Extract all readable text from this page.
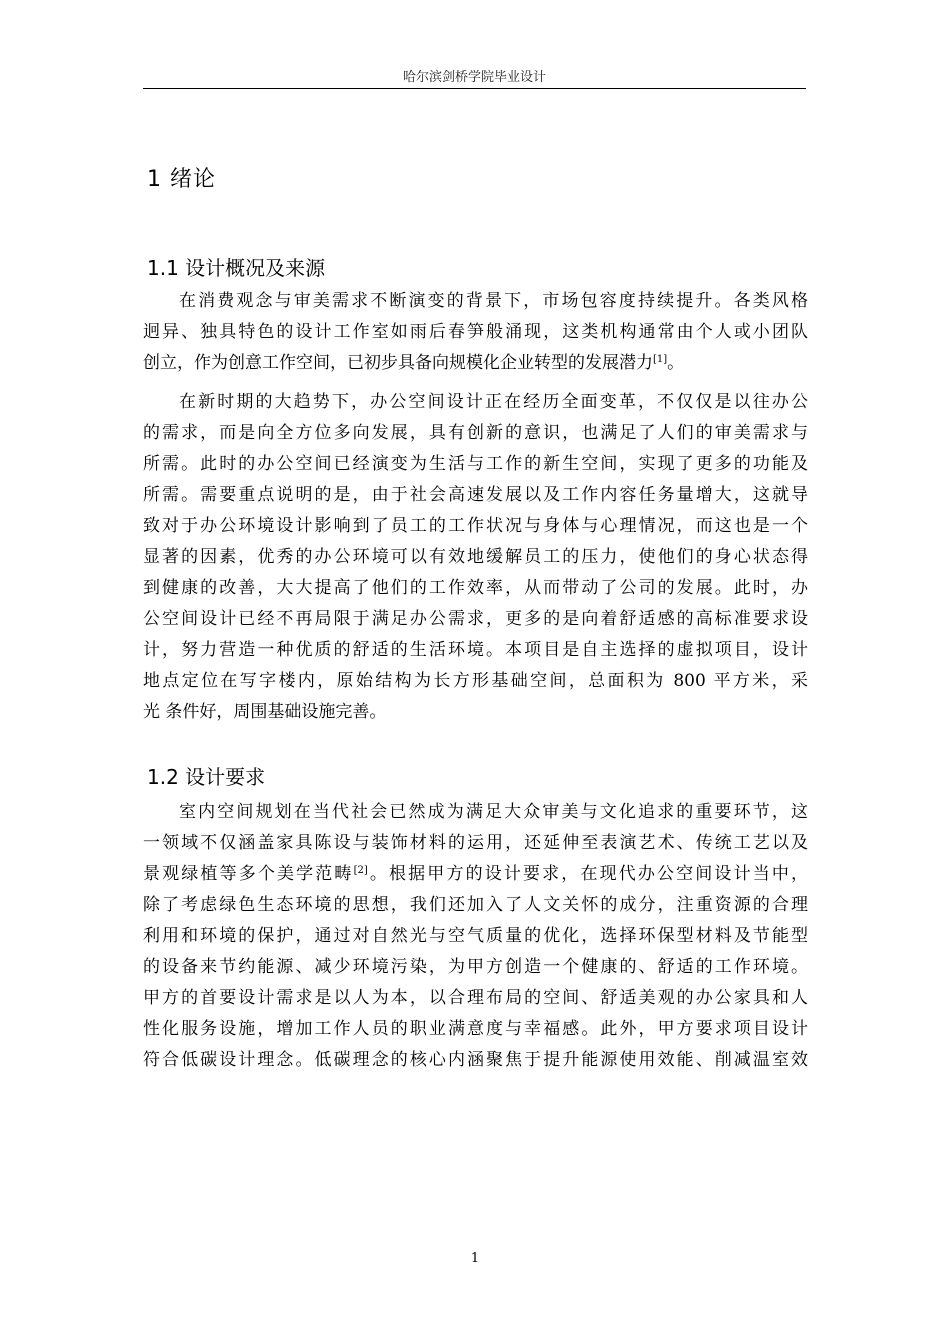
哈尔滨剑桥学院毕业设计
1 绪论
1.1 设计概况及来源
在消费观念与审美需求不断演变的背景下，市场包容度持续提升。各类风格
迥异、独具特色的设计工作室如雨后春笋般涌现，这类机构通常由个人或小团队
创立，作为创意工作空间，已初步具备向规模化企业转型的发展潜力[1]。
在新时期的大趋势下，办公空间设计正在经历全面变革，不仅仅是以往办公
的需求，而是向全方位多向发展，具有创新的意识，也满足了人们的审美需求与
所需。此时的办公空间已经演变为生活与工作的新生空间，实现了更多的功能及
所需。需要重点说明的是，由于社会高速发展以及工作内容任务量增大，这就导
致对于办公环境设计影响到了员工的工作状况与身体与心理情况，而这也是一个
显著的因素，优秀的办公环境可以有效地缓解员工的压力，使他们的身心状态得
到健康的改善，大大提高了他们的工作效率，从而带动了公司的发展。此时，办
公空间设计已经不再局限于满足办公需求，更多的是向着舒适感的高标准要求设
计，努力营造一种优质的舒适的生活环境。本项目是自主选择的虚拟项目，设计
地点定位在写字楼内，原始结构为长方形基础空间，总面积为 800 平方米，采
光 条件好，周围基础设施完善。
1.2 设计要求
室内空间规划在当代社会已然成为满足大众审美与文化追求的重要环节，这
一领域不仅涵盖家具陈设与装饰材料的运用，还延伸至表演艺术、传统工艺以及
景观绿植等多个美学范畴[2]。根据甲方的设计要求，在现代办公空间设计当中，
除了考虑绿色生态环境的思想，我们还加入了人文关怀的成分，注重资源的合理
利用和环境的保护，通过对自然光与空气质量的优化，选择环保型材料及节能型
的设备来节约能源、减少环境污染，为甲方创造一个健康的、舒适的工作环境。
甲方的首要设计需求是以人为本，以合理布局的空间、舒适美观的办公家具和人
性化服务设施，增加工作人员的职业满意度与幸福感。此外，甲方要求项目设计
符合低碳设计理念。低碳理念的核心内涵聚焦于提升能源使用效能、削减温室效
1
